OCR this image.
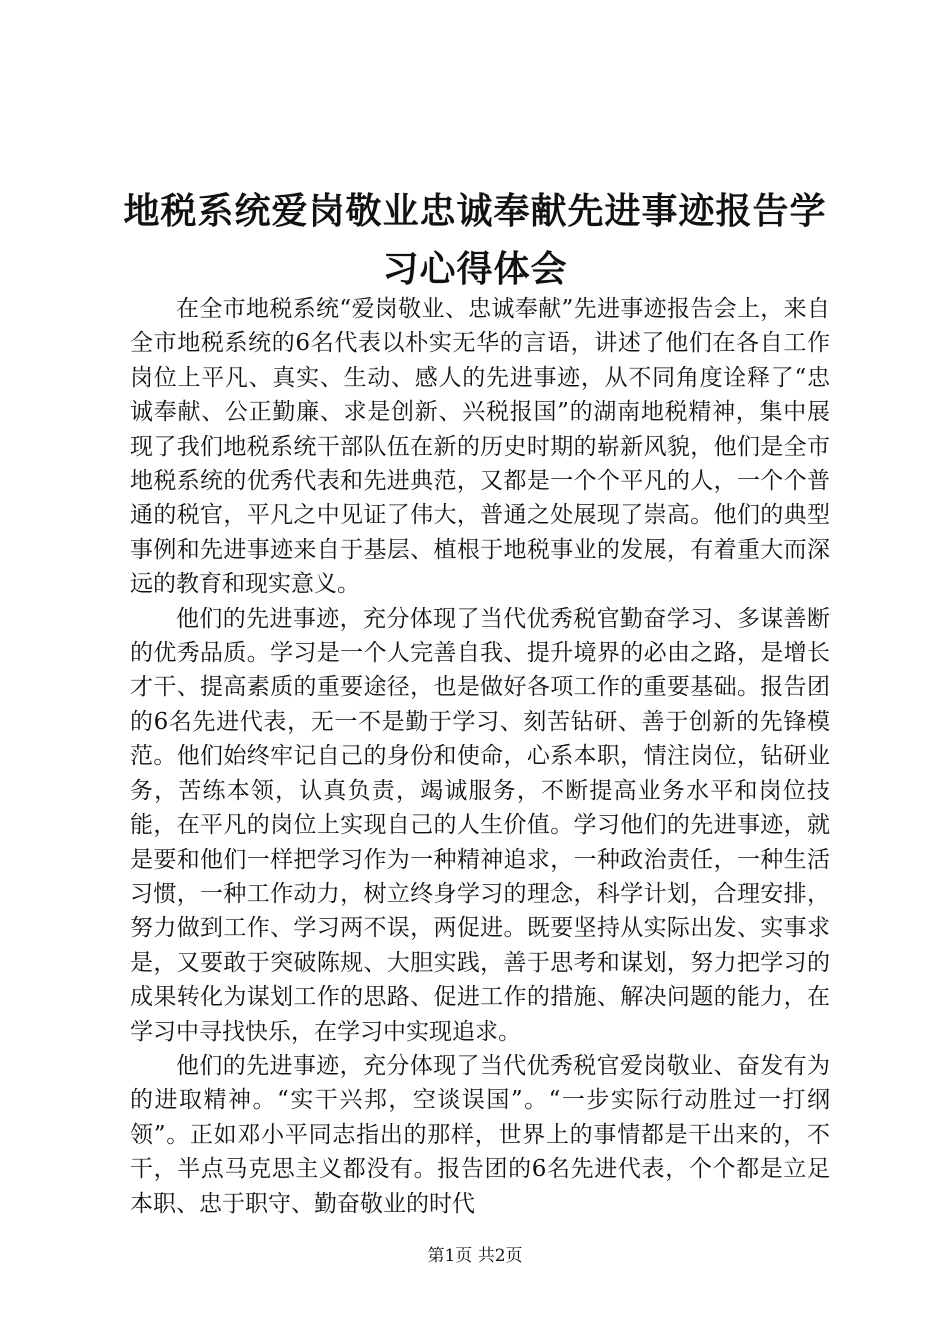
地税系统爱岗敬业忠诚奉献先进事迹报告学习心得体会

在全市地税系统“爱岗敬业、忠诚奉献”先进事迹报告会上，来自全市地税系统的6名代表以朴实无华的言语，讲述了他们在各自工作岗位上平凡、真实、生动、感人的先进事迹，从不同角度诠释了“忠诚奉献、公正勤廉、求是创新、兴税报国”的湖南地税精神，集中展现了我们地税系统干部队伍在新的历史时期的崭新风貌，他们是全市地税系统的优秀代表和先进典范，又都是一个个平凡的人，一个个普通的税官，平凡之中见证了伟大，普通之处展现了崇高。他们的典型事例和先进事迹来自于基层、植根于地税事业的发展，有着重大而深远的教育和现实意义。

他们的先进事迹，充分体现了当代优秀税官勤奋学习、多谋善断的优秀品质。学习是一个人完善自我、提升境界的必由之路，是增长才干、提高素质的重要途径，也是做好各项工作的重要基础。报告团的6名先进代表，无一不是勤于学习、刻苦钻研、善于创新的先锋模范。他们始终牢记自己的身份和使命，心系本职，情注岗位，钻研业务，苦练本领，认真负责，竭诚服务，不断提高业务水平和岗位技能，在平凡的岗位上实现自己的人生价值。学习他们的先进事迹，就是要和他们一样把学习作为一种精神追求，一种政治责任，一种生活习惯，一种工作动力，树立终身学习的理念，科学计划，合理安排，努力做到工作、学习两不误，两促进。既要坚持从实际出发、实事求是，又要敢于突破陈规、大胆实践，善于思考和谋划，努力把学习的成果转化为谋划工作的思路、促进工作的措施、解决问题的能力，在学习中寻找快乐，在学习中实现追求。

他们的先进事迹，充分体现了当代优秀税官爱岗敬业、奋发有为的进取精神。“实干兴邦，空谈误国”。“一步实际行动胜过一打纲领”。正如邓小平同志指出的那样，世界上的事情都是干出来的，不干，半点马克思主义都没有。报告团的6名先进代表，个个都是立足本职、忠于职守、勤奋敬业的时代

第1页 共2页
